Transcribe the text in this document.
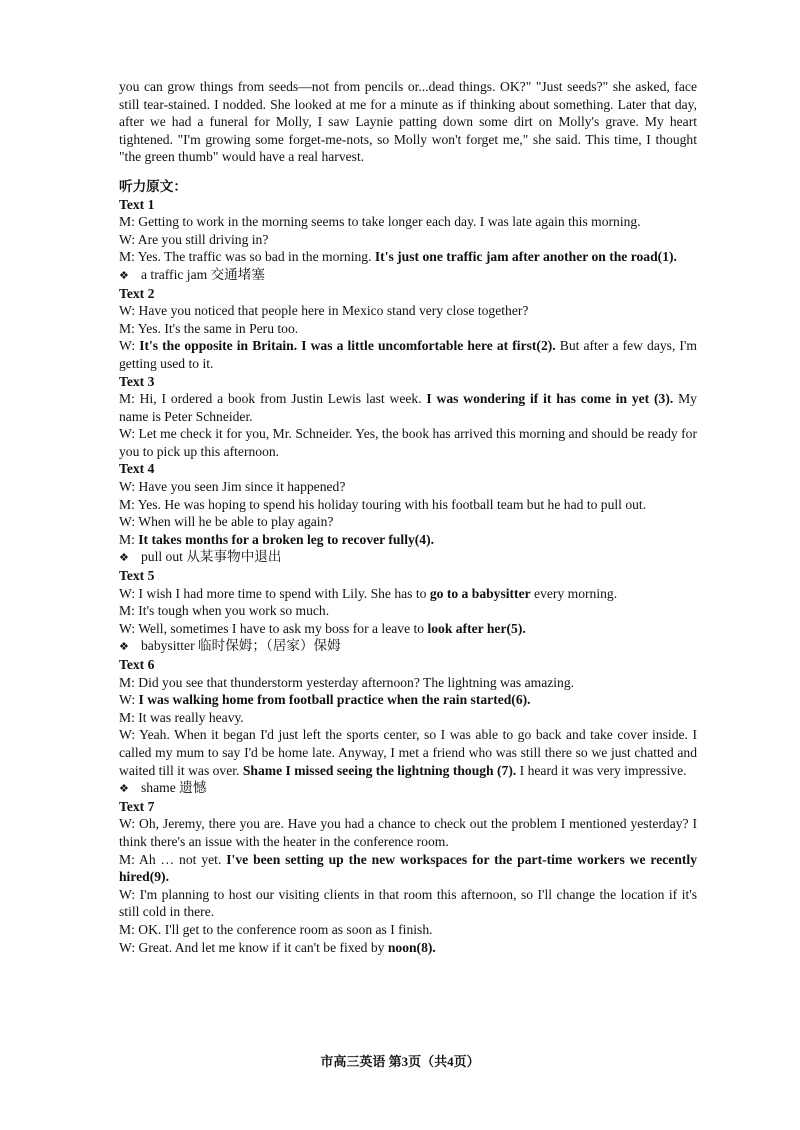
you can grow things from seeds—not from pencils or...dead things. OK?" "Just seeds?" she asked, face still tear-stained. I nodded. She looked at me for a minute as if thinking about something. Later that day, after we had a funeral for Molly, I saw Laynie patting down some dirt on Molly's grave. My heart tightened. "I'm growing some forget-me-nots, so Molly won't forget me," she said. This time, I thought "the green thumb" would have a real harvest.

听力原文：

Text 1

M: Getting to work in the morning seems to take longer each day. I was late again this morning.

W: Are you still driving in?

M: Yes. The traffic was so bad in the morning. It's just one traffic jam after another on the road(1).

❖ a traffic jam 交通堵塞

Text 2

W: Have you noticed that people here in Mexico stand very close together?

M: Yes. It's the same in Peru too.

W: It's the opposite in Britain. I was a little uncomfortable here at first(2). But after a few days, I'm getting used to it.

Text 3

M: Hi, I ordered a book from Justin Lewis last week. I was wondering if it has come in yet (3). My name is Peter Schneider.

W: Let me check it for you, Mr. Schneider. Yes, the book has arrived this morning and should be ready for you to pick up this afternoon.

Text 4

W: Have you seen Jim since it happened?

M: Yes. He was hoping to spend his holiday touring with his football team but he had to pull out.

W: When will he be able to play again?

M: It takes months for a broken leg to recover fully(4).

❖ pull out 从某事物中退出

Text 5

W: I wish I had more time to spend with Lily. She has to go to a babysitter every morning.

M: It's tough when you work so much.

W: Well, sometimes I have to ask my boss for a leave to look after her(5).

❖ babysitter 临时保姆；（居家）保姆

Text 6

M: Did you see that thunderstorm yesterday afternoon? The lightning was amazing.

W: I was walking home from football practice when the rain started(6).

M: It was really heavy.

W: Yeah. When it began I'd just left the sports center, so I was able to go back and take cover inside. I called my mum to say I'd be home late. Anyway, I met a friend who was still there so we just chatted and waited till it was over. Shame I missed seeing the lightning though (7). I heard it was very impressive.

❖ shame 遗憾

Text 7

W: Oh, Jeremy, there you are. Have you had a chance to check out the problem I mentioned yesterday? I think there's an issue with the heater in the conference room.

M: Ah … not yet. I've been setting up the new workspaces for the part-time workers we recently hired(9).

W: I'm planning to host our visiting clients in that room this afternoon, so I'll change the location if it's still cold in there.

M: OK. I'll get to the conference room as soon as I finish.

W: Great. And let me know if it can't be fixed by noon(8).

市高三英语 第3页（共4页）
